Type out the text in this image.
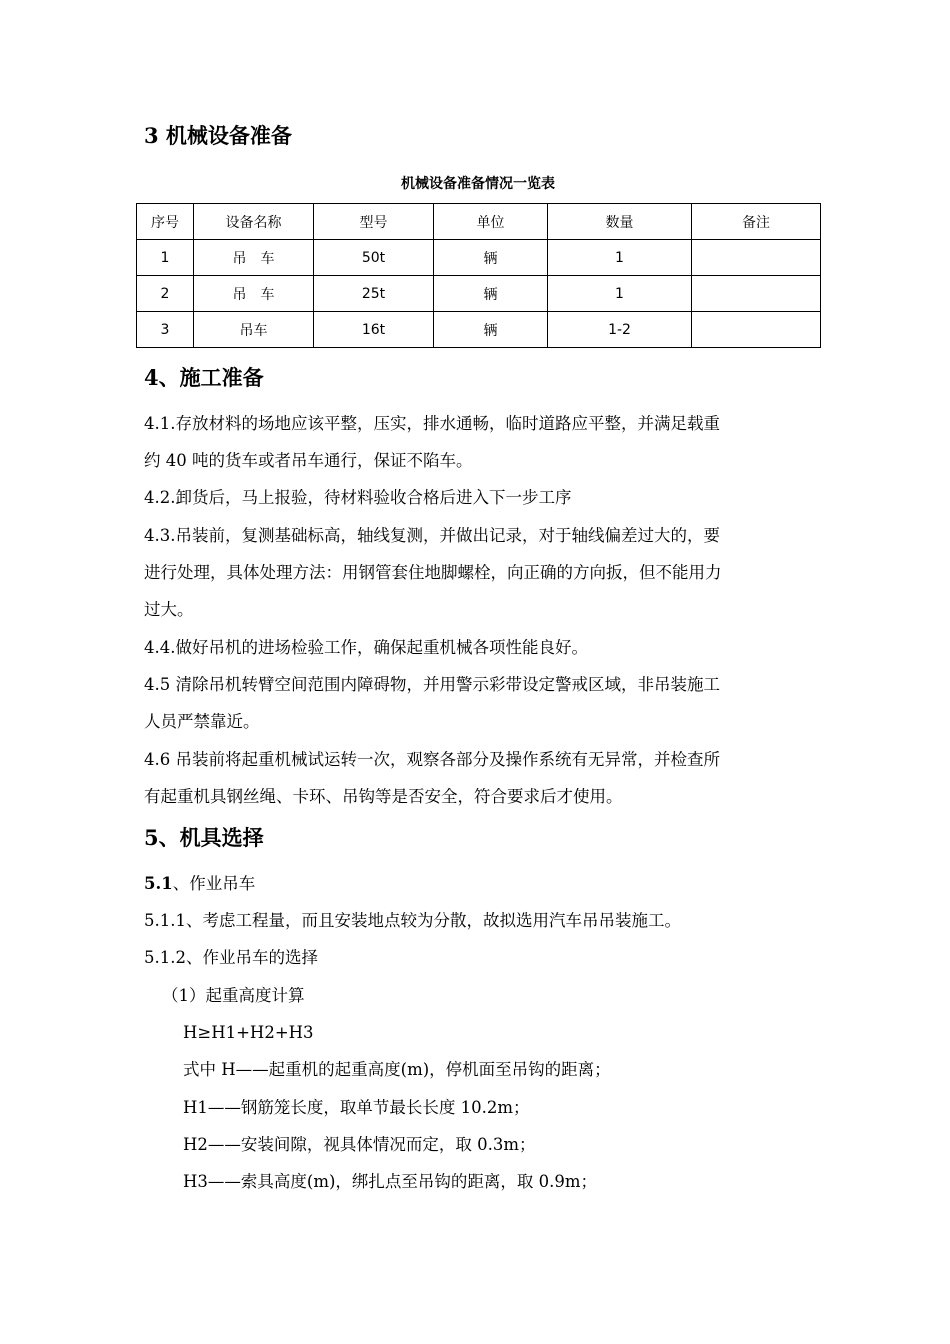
3 机械设备准备
机械设备准备情况一览表
序号	设备名称	型号	单位	数量	备注
1	吊　车	50t	辆	1	
2	吊　车	25t	辆	1	
3	吊车	16t	辆	1-2	
4、施工准备
4.1.存放材料的场地应该平整，压实，排水通畅，临时道路应平整，并满足载重
约 40 吨的货车或者吊车通行，保证不陷车。
4.2.卸货后，马上报验，待材料验收合格后进入下一步工序
4.3.吊装前，复测基础标高，轴线复测，并做出记录，对于轴线偏差过大的，要
进行处理，具体处理方法：用钢管套住地脚螺栓，向正确的方向扳，但不能用力
过大。
4.4.做好吊机的进场检验工作，确保起重机械各项性能良好。
4.5 清除吊机转臂空间范围内障碍物，并用警示彩带设定警戒区域，非吊装施工
人员严禁靠近。
4.6 吊装前将起重机械试运转一次，观察各部分及操作系统有无异常，并检查所
有起重机具钢丝绳、卡环、吊钩等是否安全，符合要求后才使用。
5、机具选择
5.1、作业吊车
5.1.1、考虑工程量，而且安装地点较为分散，故拟选用汽车吊吊装施工。
5.1.2、作业吊车的选择
（1）起重高度计算
H≥H1+H2+H3
式中 H——起重机的起重高度(m)，停机面至吊钩的距离；
H1——钢筋笼长度，取单节最长长度 10.2m；
H2——安装间隙，视具体情况而定，取 0.3m；
H3——索具高度(m)，绑扎点至吊钩的距离，取 0.9m；
